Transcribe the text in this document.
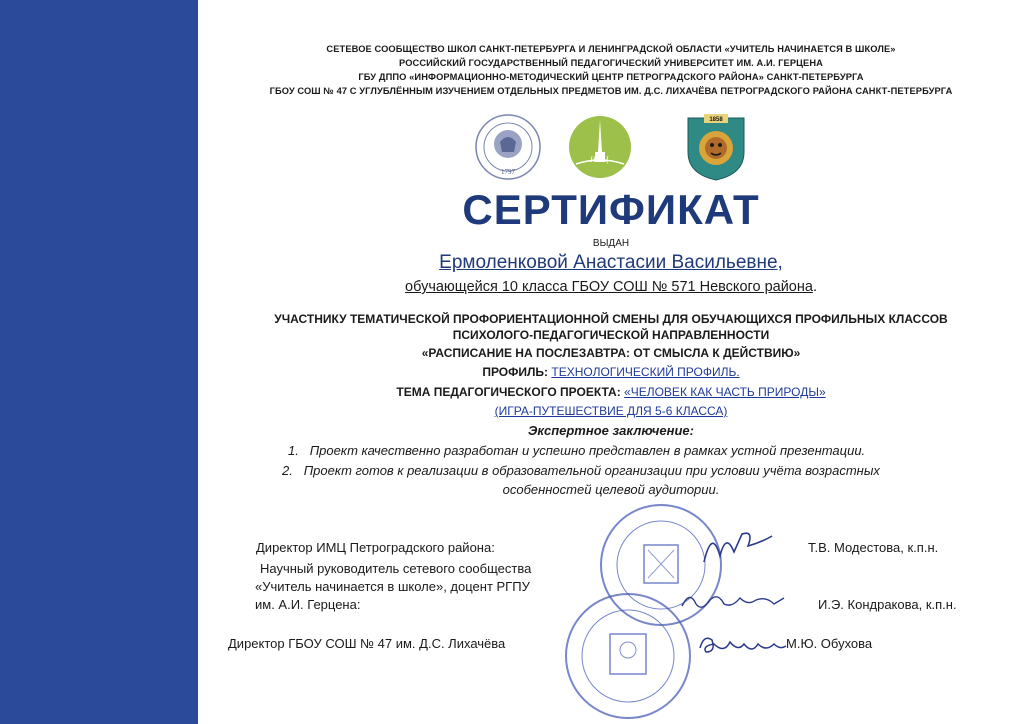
СЕТЕВОЕ СООБЩЕСТВО ШКОЛ САНКТ-ПЕТЕРБУРГА И ЛЕНИНГРАДСКОЙ ОБЛАСТИ «УЧИТЕЛЬ НАЧИНАЕТСЯ В ШКОЛЕ»
РОССИЙСКИЙ ГОСУДАРСТВЕННЫЙ ПЕДАГОГИЧЕСКИЙ УНИВЕРСИТЕТ ИМ. А.И. ГЕРЦЕНА
ГБУ ДППО «ИНФОРМАЦИОННО-МЕТОДИЧЕСКИЙ ЦЕНТР ПЕТРОГРАДСКОГО РАЙОНА» САНКТ-ПЕТЕРБУРГА
ГБОУ СОШ № 47 С УГЛУБЛЁННЫМ ИЗУЧЕНИЕМ ОТДЕЛЬНЫХ ПРЕДМЕТОВ ИМ. Д.С. ЛИХАЧЁВА ПЕТРОГРАДСКОГО РАЙОНА САНКТ-ПЕТЕРБУРГА
1797
ИМЦ
1858
СЕРТИФИКАТ
ВЫДАН
Ермоленковой Анастасии Васильевне,
обучающейся 10 класса ГБОУ СОШ № 571 Невского района.
УЧАСТНИКУ ТЕМАТИЧЕСКОЙ ПРОФОРИЕНТАЦИОННОЙ СМЕНЫ ДЛЯ ОБУЧАЮЩИХСЯ ПРОФИЛЬНЫХ КЛАССОВ
ПСИХОЛОГО-ПЕДАГОГИЧЕСКОЙ НАПРАВЛЕННОСТИ
«РАСПИСАНИЕ НА ПОСЛЕЗАВТРА: ОТ СМЫСЛА К ДЕЙСТВИЮ»
ПРОФИЛЬ: ТЕХНОЛОГИЧЕСКИЙ ПРОФИЛЬ.
ТЕМА ПЕДАГОГИЧЕСКОГО ПРОЕКТА: «ЧЕЛОВЕК КАК ЧАСТЬ ПРИРОДЫ»
(ИГРА-ПУТЕШЕСТВИЕ ДЛЯ 5-6 КЛАССА)
Экспертное заключение:
1. Проект качественно разработан и успешно представлен в рамках устной презентации.
2. Проект готов к реализации в образовательной организации при условии учёта возрастных
особенностей целевой аудитории.
Директор ИМЦ Петроградского района:	Т.В. Модестова, к.п.н.
Научный руководитель сетевого сообщества
«Учитель начинается в школе», доцент РГПУ
им. А.И. Герцена:	И.Э. Кондракова, к.п.н.
Директор ГБОУ СОШ № 47 им. Д.С. Лихачёва	М.Ю. Обухова
